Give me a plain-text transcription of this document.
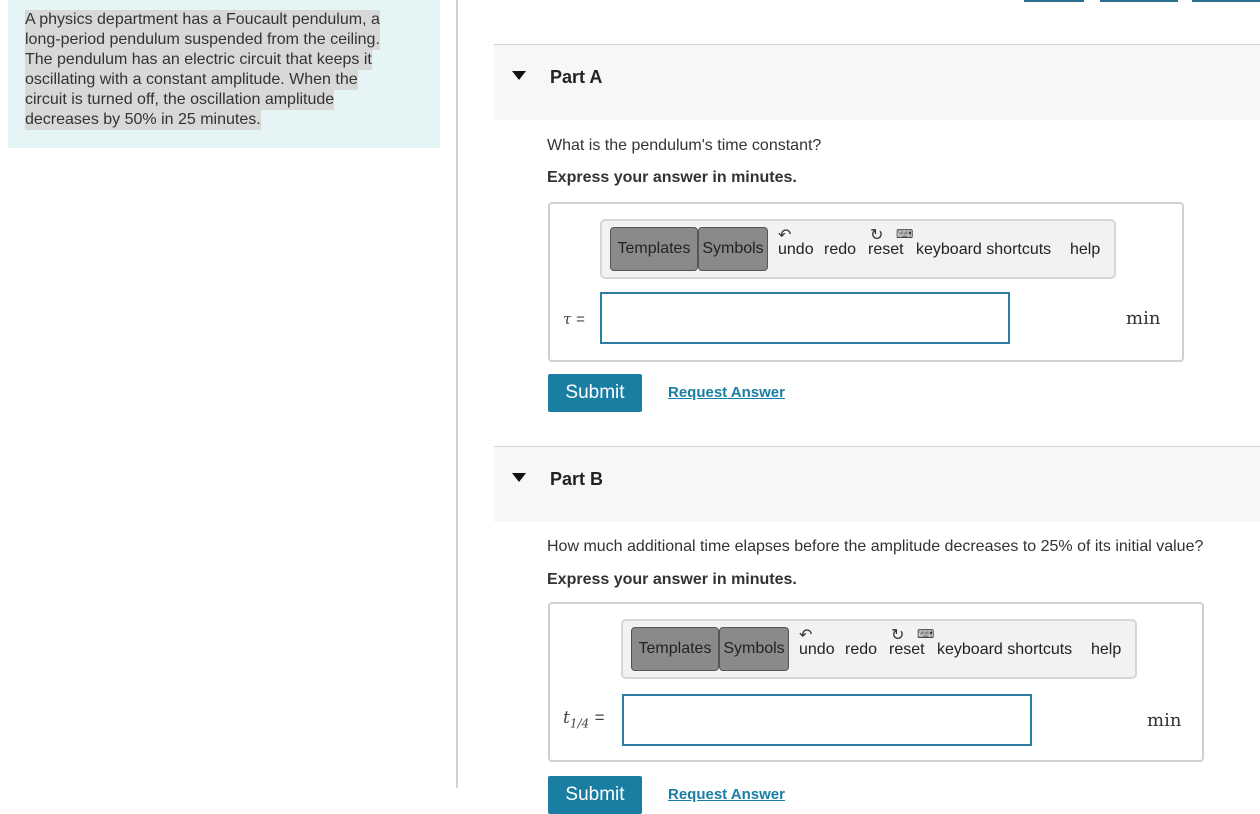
A physics department has a Foucault pendulum, a
long-period pendulum suspended from the ceiling.
The pendulum has an electric circuit that keeps it
oscillating with a constant amplitude. When the
circuit is turned off, the oscillation amplitude
decreases by 50% in 25 minutes.
Part A
What is the pendulum's time constant?
Express your answer in minutes.
Templates Symbols
↶	↻ ⌨
undo redo reset keyboard shortcuts help
τ =	min
Submit	Request Answer
Part B
How much additional time elapses before the amplitude decreases to 25% of its initial value?
Express your answer in minutes.
Templates Symbols
↶	↻ ⌨
undo redo reset keyboard shortcuts help
$t_{1/4}$ =	min
Submit	Request Answer
